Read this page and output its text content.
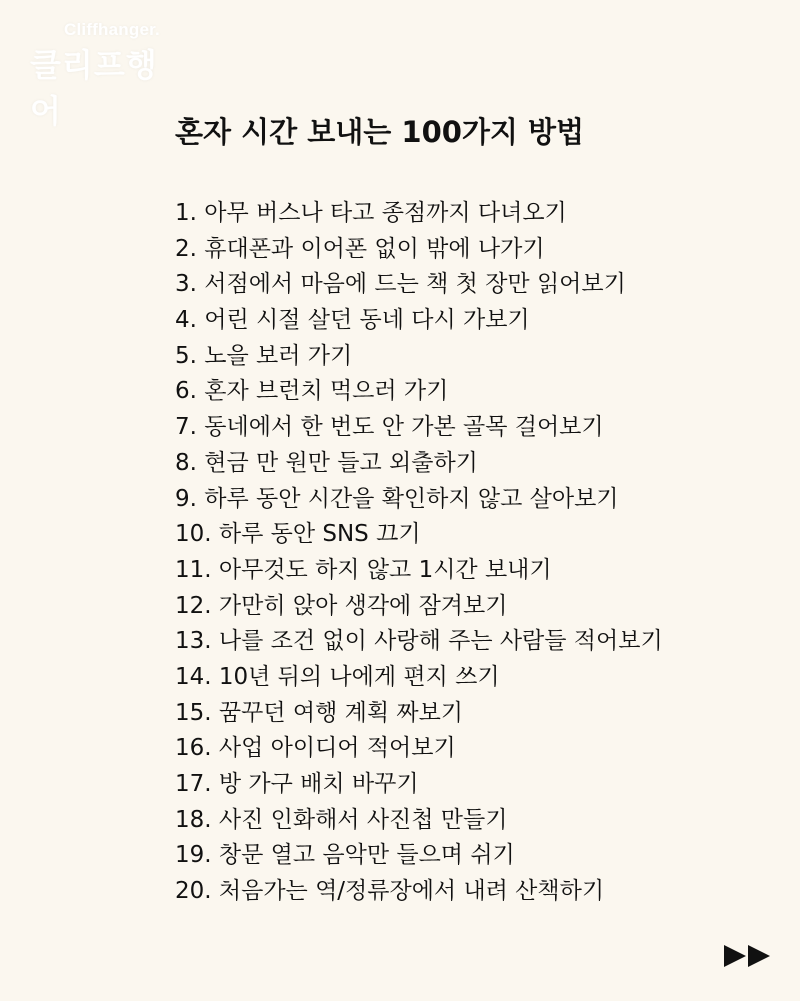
Cliffhanger.
클리프행어
혼자 시간 보내는 100가지 방법
1. 아무 버스나 타고 종점까지 다녀오기
2. 휴대폰과 이어폰 없이 밖에 나가기
3. 서점에서 마음에 드는 책 첫 장만 읽어보기
4. 어린 시절 살던 동네 다시 가보기
5. 노을 보러 가기
6. 혼자 브런치 먹으러 가기
7. 동네에서 한 번도 안 가본 골목 걸어보기
8. 현금 만 원만 들고 외출하기
9. 하루 동안 시간을 확인하지 않고 살아보기
10. 하루 동안 SNS 끄기
11. 아무것도 하지 않고 1시간 보내기
12. 가만히 앉아 생각에 잠겨보기
13. 나를 조건 없이 사랑해 주는 사람들 적어보기
14. 10년 뒤의 나에게 편지 쓰기
15. 꿈꾸던 여행 계획 짜보기
16. 사업 아이디어 적어보기
17. 방 가구 배치 바꾸기
18. 사진 인화해서 사진첩 만들기
19. 창문 열고 음악만 들으며 쉬기
20. 처음가는 역/정류장에서 내려 산책하기
